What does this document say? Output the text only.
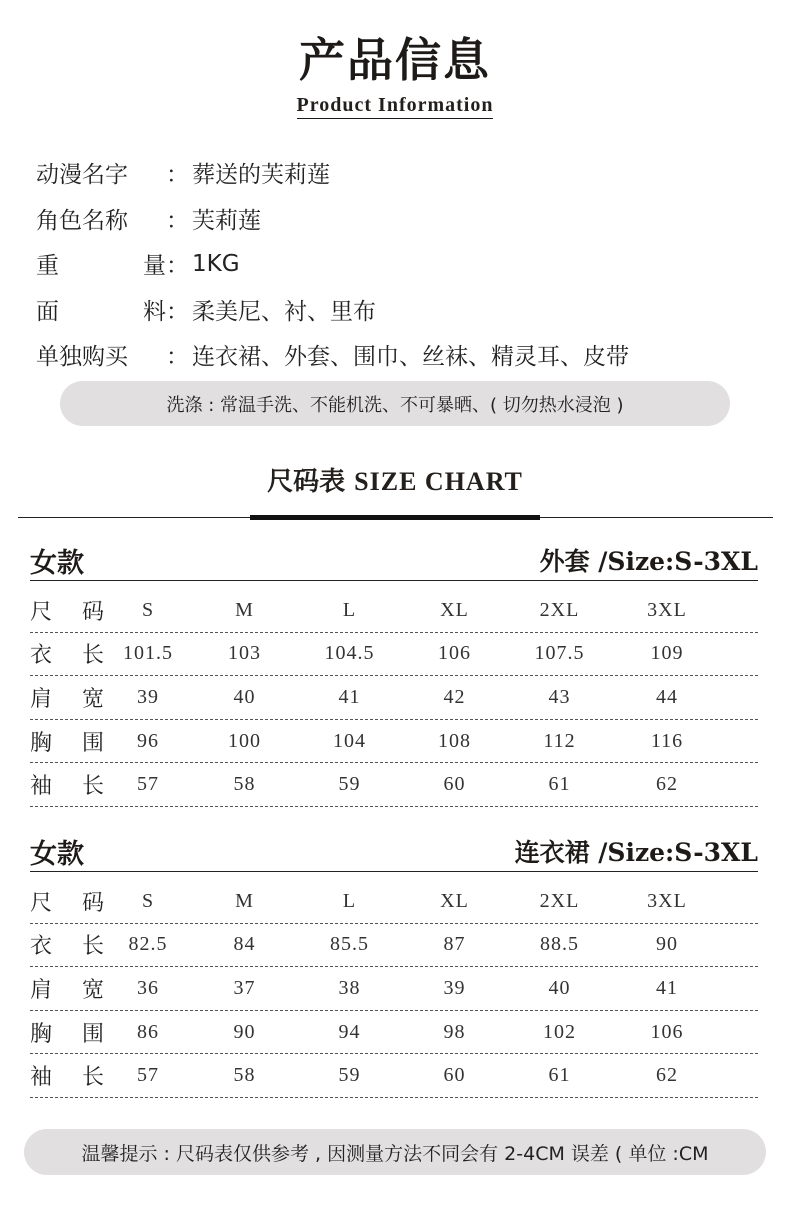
产品信息
Product Information
动漫名字 ： 葬送的芙莉莲
角色名称 ： 芙莉莲
重	量 ： 1KG
面	料 ： 柔美尼、衬、里布
单独购买 ： 连衣裙、外套、围巾、丝袜、精灵耳、皮带
洗涤 : 常温手洗、不能机洗、不可暴晒、( 切勿热水浸泡 )
尺码表 SIZE CHART
女款	外套 /Size:S-3XL
尺 码	S	M	L	XL	2XL	3XL
衣 长 101.5	103	104.5	106	107.5	109
肩 宽	39	40	41	42	43	44
胸 围	96	100	104	108	112	116
袖 长	57	58	59	60	61	62
女款	连衣裙 /Size:S-3XL
尺 码	S	M	L	XL	2XL	3XL
衣 长	82.5	84	85.5	87	88.5	90
肩 宽	36	37	38	39	40	41
胸 围	86	90	94	98	102	106
袖 长	57	58	59	60	61	62
温馨提示 : 尺码表仅供参考 , 因测量方法不同会有 2-4CM 误差 ( 单位 :CM
